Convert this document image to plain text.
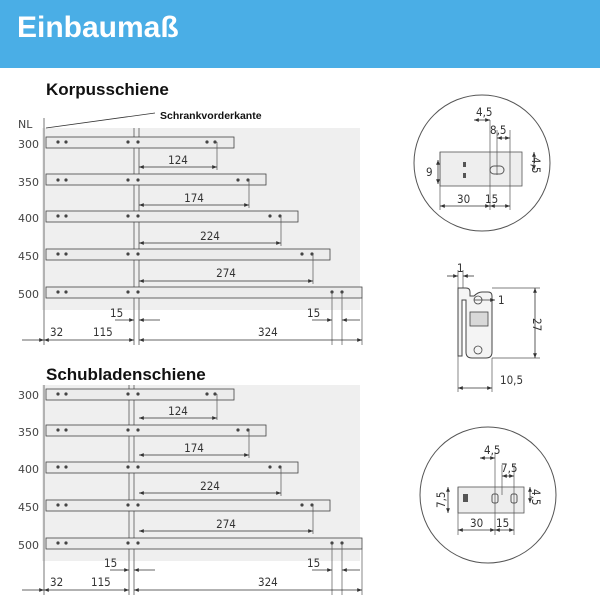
Einbaumaß
Korpusschiene
Schubladenschiene
NL
Schrankvorderkante
300
350
400
450
500
124
174
224
274
15	15
32	115	324
300
350
400
450
500
124
174
224
274
15	15
32 115	324
4,5
8,5
9	4,5
30 15
1
1
27
10,5
4,5
7,5
7,5	4,5
30 15
